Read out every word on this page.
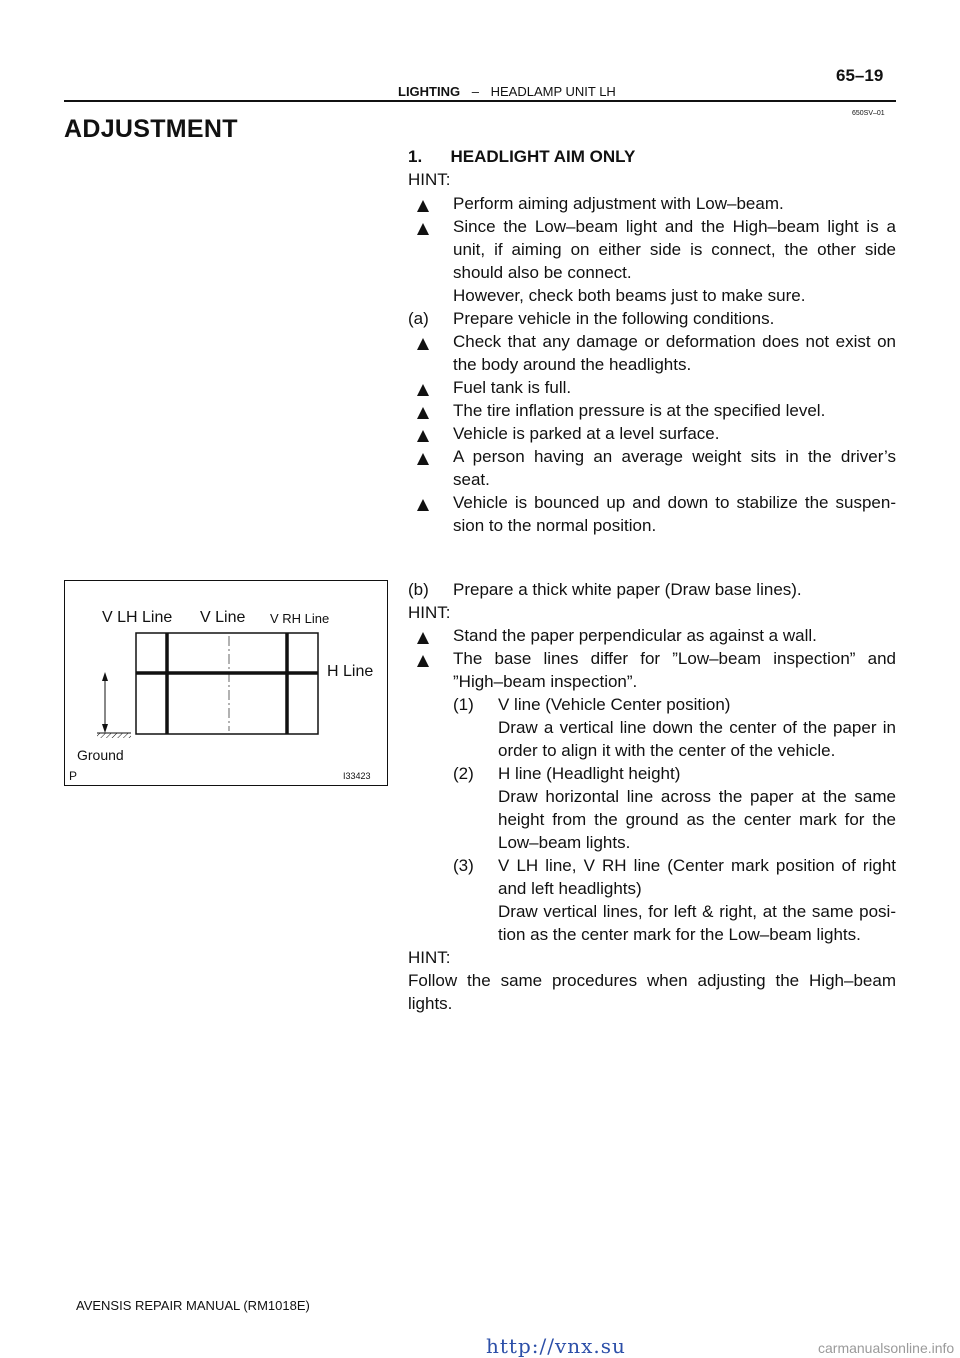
LIGHTING – HEADLAMP UNIT LH
65–19
650SV–01
ADJUSTMENT
1.      HEADLIGHT AIM ONLY
HINT:
Perform aiming adjustment with Low–beam.
Since the Low–beam light and the High–beam light is a
unit, if aiming on either side is connect, the other side
should also be connect.
However, check both beams just to make sure.
(a) Prepare vehicle in the following conditions.
Check that any damage or deformation does not exist on
the body around the headlights.
Fuel tank is full.
The tire inflation pressure is at the specified level.
Vehicle is parked at a level surface.
A person having an average weight sits in the driver’s
seat.
Vehicle is bounced up and down to stabilize the suspen-
sion to the normal position.
V LH Line V Line V RH Line
H Line
Ground
P	I33423
(b) Prepare a thick white paper (Draw base lines).
HINT:
Stand the paper perpendicular as against a wall.
The base lines differ for ”Low–beam inspection” and
”High–beam inspection”.
(1) V line (Vehicle Center position)
Draw a vertical line down the center of the paper in
order to align it with the center of the vehicle.
(2) H line (Headlight height)
Draw horizontal line across the paper at the same
height from the ground as the center mark for the
Low–beam lights.
(3) V LH line, V RH line (Center mark position of right
and left headlights)
Draw vertical lines, for left & right, at the same posi-
tion as the center mark for the Low–beam lights.
HINT:
Follow the same procedures when adjusting the High–beam
lights.
AVENSIS REPAIR MANUAL (RM1018E)
http://vnx.su	carmanualsonline.info
